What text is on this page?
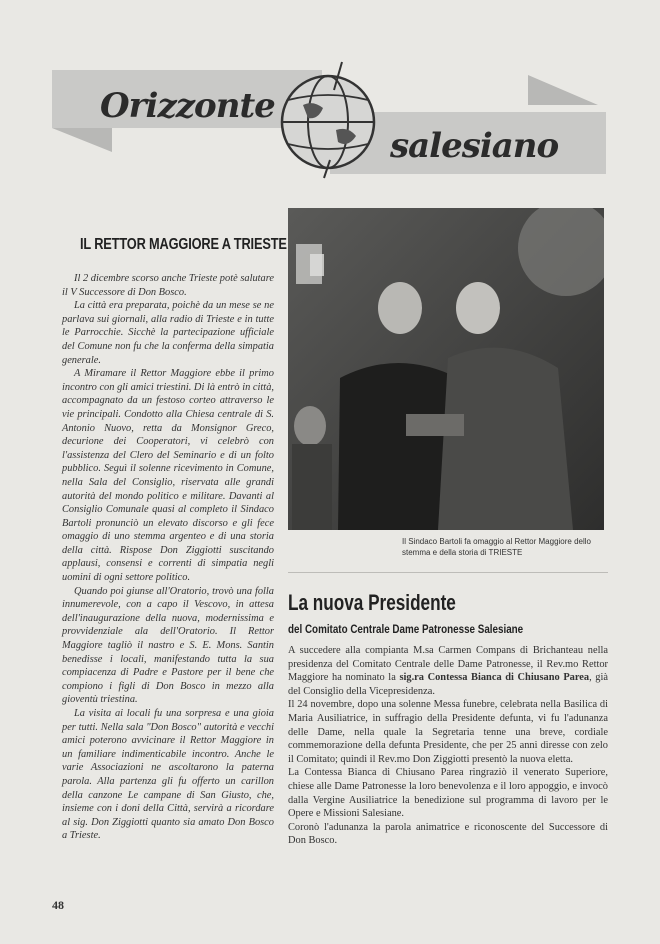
Orizzonte
salesiano
IL RETTOR MAGGIORE A TRIESTE

Il 2 dicembre scorso anche Trieste potè salutare il V Successore di Don Bosco.

La città era preparata, poichè da un mese se ne parlava sui giornali, alla radio di Trieste e in tutte le Parrocchie. Sicchè la partecipazione ufficiale del Comune non fu che la conferma della simpatia generale.

A Miramare il Rettor Maggiore ebbe il primo incontro con gli amici triestini. Di là entrò in città, accompagnato da un festoso corteo attraverso le vie principali. Condotto alla Chiesa centrale di S. Antonio Nuovo, retta da Monsignor Greco, decurione dei Cooperatori, vi celebrò con l'assistenza del Clero del Seminario e di un folto pubblico. Seguì il solenne ricevimento in Comune, nella Sala del Consiglio, riservata alle grandi autorità del mondo politico e militare. Davanti al Consiglio Comunale quasi al completo il Sindaco Bartoli pronunciò un elevato discorso e gli fece omaggio di uno stemma argenteo e di una storia della città. Rispose Don Ziggiotti suscitando applausi, consensi e correnti di simpatia negli uomini di ogni settore politico.

Quando poi giunse all'Oratorio, trovò una folla innumerevole, con a capo il Vescovo, in attesa dell'inaugurazione della nuova, modernissima e provvidenziale ala dell'Oratorio. Il Rettor Maggiore tagliò il nastro e S. E. Mons. Santin benedisse i locali, manifestando tutta la sua compiacenza di Padre e Pastore per il bene che compiono i figli di Don Bosco in mezzo alla gioventù triestina.

La visita ai locali fu una sorpresa e una gioia per tutti. Nella sala "Don Bosco" autorità e vecchi amici poterono avvicinare il Rettor Maggiore in un familiare indimenticabile incontro. Anche le varie Associazioni ne ascoltarono la paterna parola. Alla partenza gli fu offerto un carillon della canzone Le campane di San Giusto, che, insieme con i doni della Città, servirà a ricordare al sig. Don Ziggiotti quanto sia amato Don Bosco a Trieste.

Il Sindaco Bartoli fa omaggio al Rettor Maggiore dello stemma e della storia di TRIESTE
La nuova Presidente
del Comitato Centrale Dame Patronesse Salesiane

A succedere alla compianta M.sa Carmen Compans di Brichanteau nella presidenza del Comitato Centrale delle Dame Patronesse, il Rev.mo Rettor Maggiore ha nominato la sig.ra Contessa Bianca di Chiusano Parea, già del Consiglio della Vicepresidenza.

Il 24 novembre, dopo una solenne Messa funebre, celebrata nella Basilica di Maria Ausiliatrice, in suffragio della Presidente defunta, vi fu l'adunanza delle Dame, nella quale la Segretaria tenne una breve, cordiale commemorazione della defunta Presidente, che per 25 anni diresse con zelo il Comitato; quindi il Rev.mo Don Ziggiotti presentò la nuova eletta.

La Contessa Bianca di Chiusano Parea ringraziò il venerato Superiore, chiese alle Dame Patronesse la loro benevolenza e il loro appoggio, e invocò dalla Vergine Ausiliatrice la benedizione sul programma di lavoro per le Opere e Missioni Salesiane.

Coronò l'adunanza la parola animatrice e riconoscente del Successore di Don Bosco.

48
